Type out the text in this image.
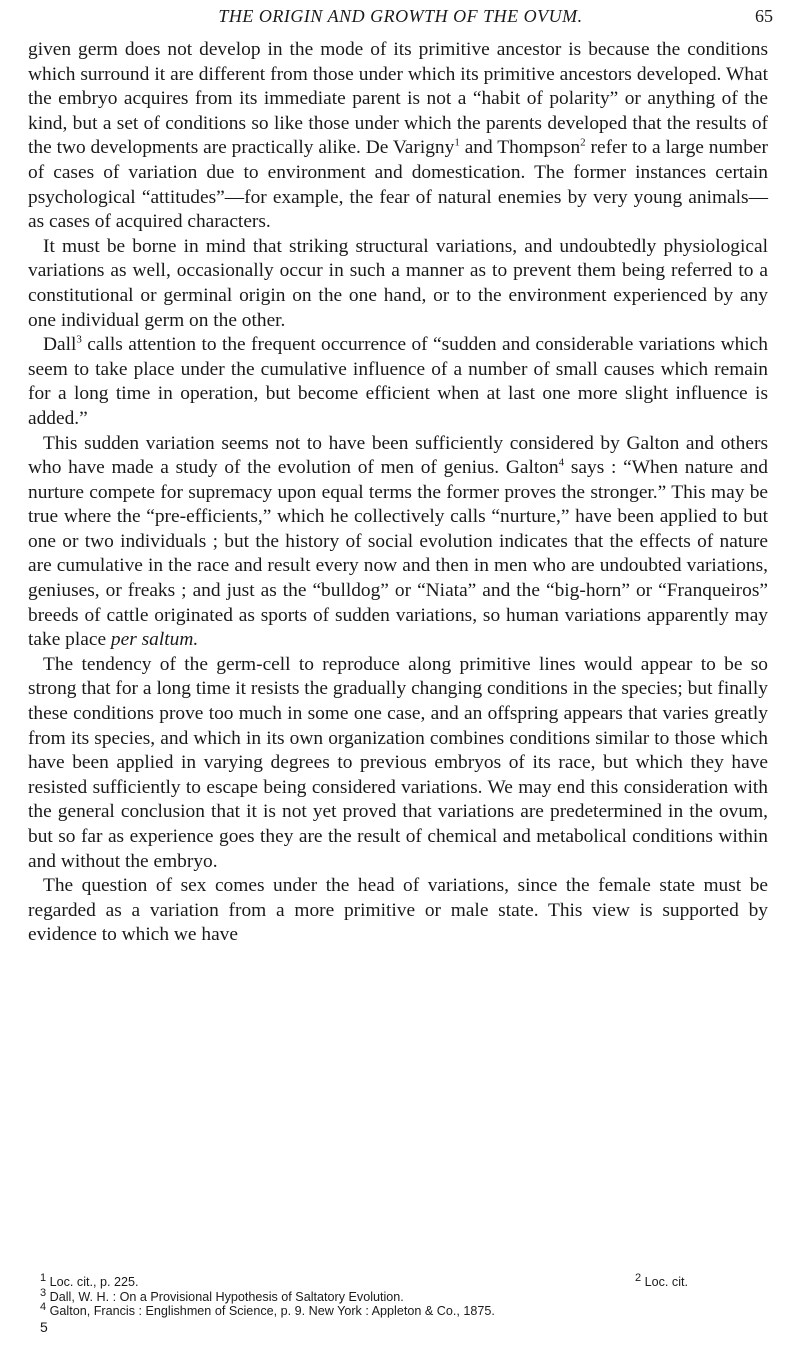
THE ORIGIN AND GROWTH OF THE OVUM.	65

given germ does not develop in the mode of its primitive ancestor is because the conditions which surround it are different from those under which its primitive ancestors developed. What the embryo acquires from its immediate parent is not a “habit of polarity” or anything of the kind, but a set of conditions so like those under which the parents developed that the results of the two developments are practically alike. De Varigny$^1$ and Thompson$^2$ refer to a large number of cases of variation due to environment and domestication. The former instances certain psychological “attitudes”—for example, the fear of natural enemies by very young animals—as cases of acquired characters.

It must be borne in mind that striking structural variations, and undoubtedly physiological variations as well, occasionally occur in such a manner as to prevent them being referred to a constitutional or germinal origin on the one hand, or to the environment experienced by any one individual germ on the other.

Dall$^3$ calls attention to the frequent occurrence of “sudden and considerable variations which seem to take place under the cumulative influence of a number of small causes which remain for a long time in operation, but become efficient when at last one more slight influence is added.”

This sudden variation seems not to have been sufficiently considered by Galton and others who have made a study of the evolution of men of genius. Galton$^4$ says : “When nature and nurture compete for supremacy upon equal terms the former proves the stronger.” This may be true where the “pre-efficients,” which he collectively calls “nurture,” have been applied to but one or two individuals ; but the history of social evolution indicates that the effects of nature are cumulative in the race and result every now and then in men who are undoubted variations, geniuses, or freaks ; and just as the “bulldog” or “Niata” and the “big-horn” or “Franqueiros” breeds of cattle originated as sports of sudden variations, so human variations apparently may take place per saltum.

The tendency of the germ-cell to reproduce along primitive lines would appear to be so strong that for a long time it resists the gradually changing conditions in the species; but finally these conditions prove too much in some one case, and an offspring appears that varies greatly from its species, and which in its own organization combines conditions similar to those which have been applied in varying degrees to previous embryos of its race, but which they have resisted sufficiently to escape being considered variations. We may end this consideration with the general conclusion that it is not yet proved that variations are predetermined in the ovum, but so far as experience goes they are the result of chemical and metabolical conditions within and without the embryo.

The question of sex comes under the head of variations, since the female state must be regarded as a variation from a more primitive or male state. This view is supported by evidence to which we have

$^1$ Loc. cit., p. 225.	$^2$ Loc. cit.
$^3$ Dall, W. H. : On a Provisional Hypothesis of Saltatory Evolution.
$^4$ Galton, Francis : Englishmen of Science, p. 9. New York : Appleton & Co., 1875.
5
